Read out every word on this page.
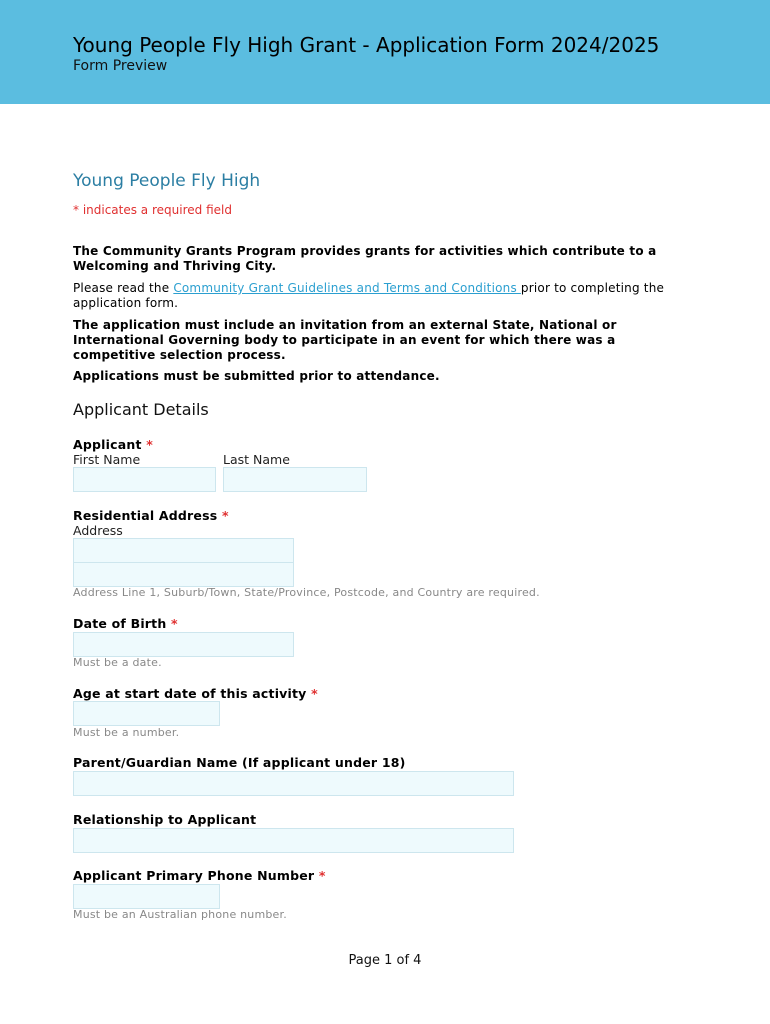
Young People Fly High Grant - Application Form 2024/2025
Form Preview
Young People Fly High
* indicates a required field
The Community Grants Program provides grants for activities which contribute to a Welcoming and Thriving City.
Please read the Community Grant Guidelines and Terms and Conditions prior to completing the application form.
The application must include an invitation from an external State, National or International Governing body to participate in an event for which there was a competitive selection process.
Applications must be submitted prior to attendance.
Applicant Details
Applicant *
First Name	Last Name
Residential Address *
Address
Address Line 1, Suburb/Town, State/Province, Postcode, and Country are required.
Date of Birth *
Must be a date.
Age at start date of this activity *
Must be a number.
Parent/Guardian Name (If applicant under 18)
Relationship to Applicant
Applicant Primary Phone Number *
Must be an Australian phone number.
Page 1 of 4
